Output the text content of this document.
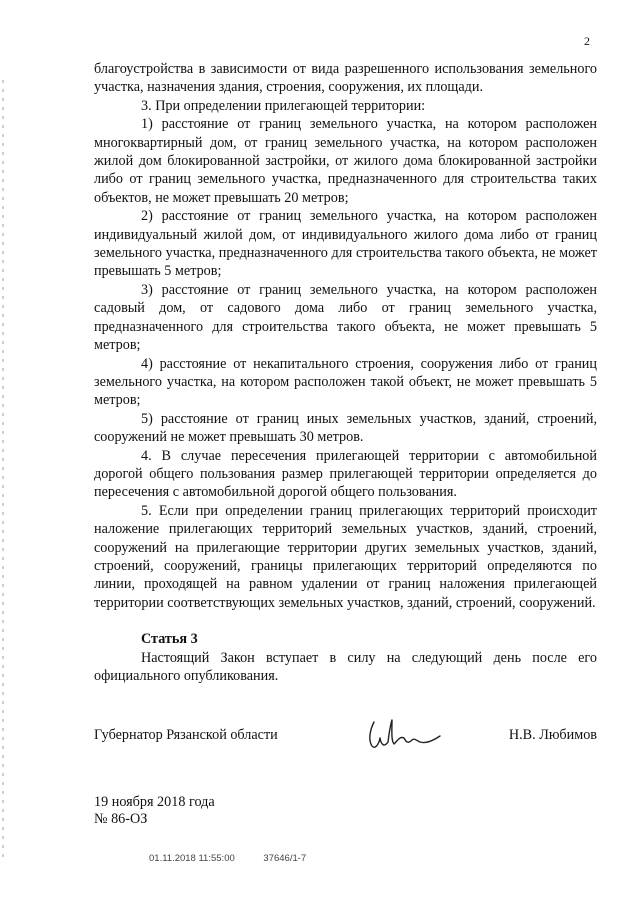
2

благоустройства в зависимости от вида разрешенного использования земельного участка, назначения здания, строения, сооружения, их площади.

3. При определении прилегающей территории:

1) расстояние от границ земельного участка, на котором расположен многоквартирный дом, от границ земельного участка, на котором расположен жилой дом блокированной застройки, от жилого дома блокированной застройки либо от границ земельного участка, предназначенного для строительства таких объектов, не может превышать 20 метров;

2) расстояние от границ земельного участка, на котором расположен индивидуальный жилой дом, от индивидуального жилого дома либо от границ земельного участка, предназначенного для строительства такого объекта, не может превышать 5 метров;

3) расстояние от границ земельного участка, на котором расположен садовый дом, от садового дома либо от границ земельного участка, предназначенного для строительства такого объекта, не может превышать 5 метров;

4) расстояние от некапитального строения, сооружения либо от границ земельного участка, на котором расположен такой объект, не может превышать 5 метров;

5) расстояние от границ иных земельных участков, зданий, строений, сооружений не может превышать 30 метров.

4. В случае пересечения прилегающей территории с автомобильной дорогой общего пользования размер прилегающей территории определяется до пересечения с автомобильной дорогой общего пользования.

5. Если при определении границ прилегающих территорий происходит наложение прилегающих территорий земельных участков, зданий, строений, сооружений на прилегающие территории других земельных участков, зданий, строений, сооружений, границы прилегающих территорий определяются по линии, проходящей на равном удалении от границ наложения прилегающей территории соответствующих земельных участков, зданий, строений, сооружений.

Статья 3

Настоящий Закон вступает в силу на следующий день после его официального опубликования.

Губернатор Рязанской области	Н.В. Любимов
19 ноября 2018 года
№ 86-ОЗ
01.11.2018 11:55:00	37646/1-7
